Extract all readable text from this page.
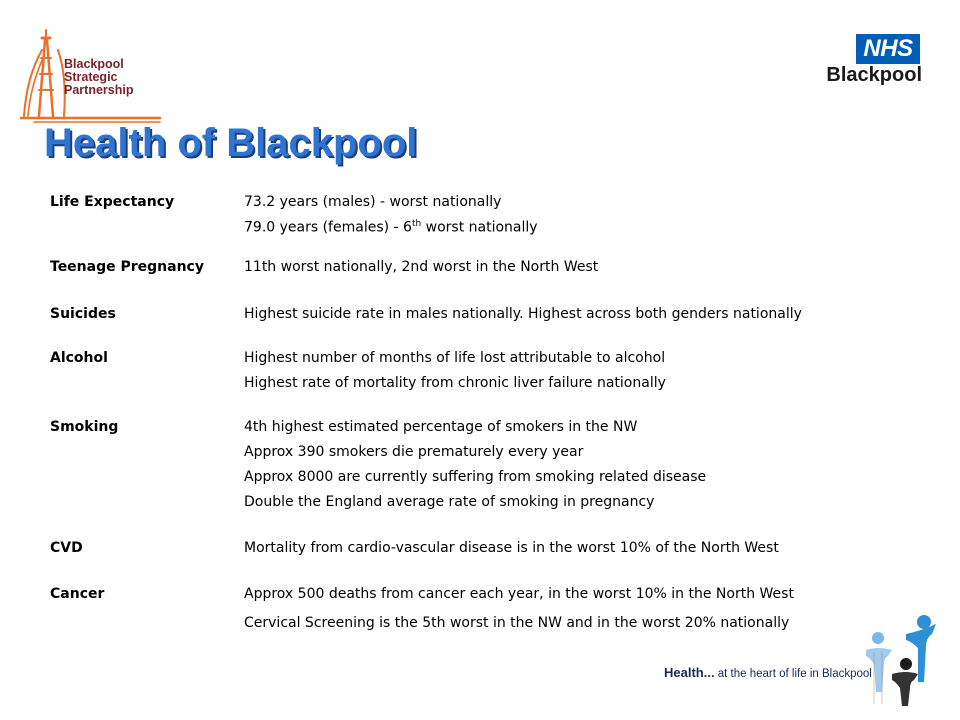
Blackpool
Strategic
Partnership
NHS
Blackpool
Health of Blackpool
Life Expectancy	73.2 years (males) - worst nationally
79.0 years (females) - 6th worst nationally
Teenage Pregnancy	11th worst nationally, 2nd worst in the North West
Suicides	Highest suicide rate in males nationally. Highest across both genders nationally
Alcohol	Highest number of months of life lost attributable to alcohol
Highest rate of mortality from chronic liver failure nationally
Smoking	4th highest estimated percentage of smokers in the NW
Approx 390 smokers die prematurely every year
Approx 8000 are currently suffering from smoking related disease
Double the England average rate of smoking in pregnancy
CVD	Mortality from cardio-vascular disease is in the worst 10% of the North West
Cancer	Approx 500 deaths from cancer each year, in the worst 10% in the North West
Cervical Screening is the 5th worst in the NW and in the worst 20% nationally
Health... at the heart of life in Blackpool
